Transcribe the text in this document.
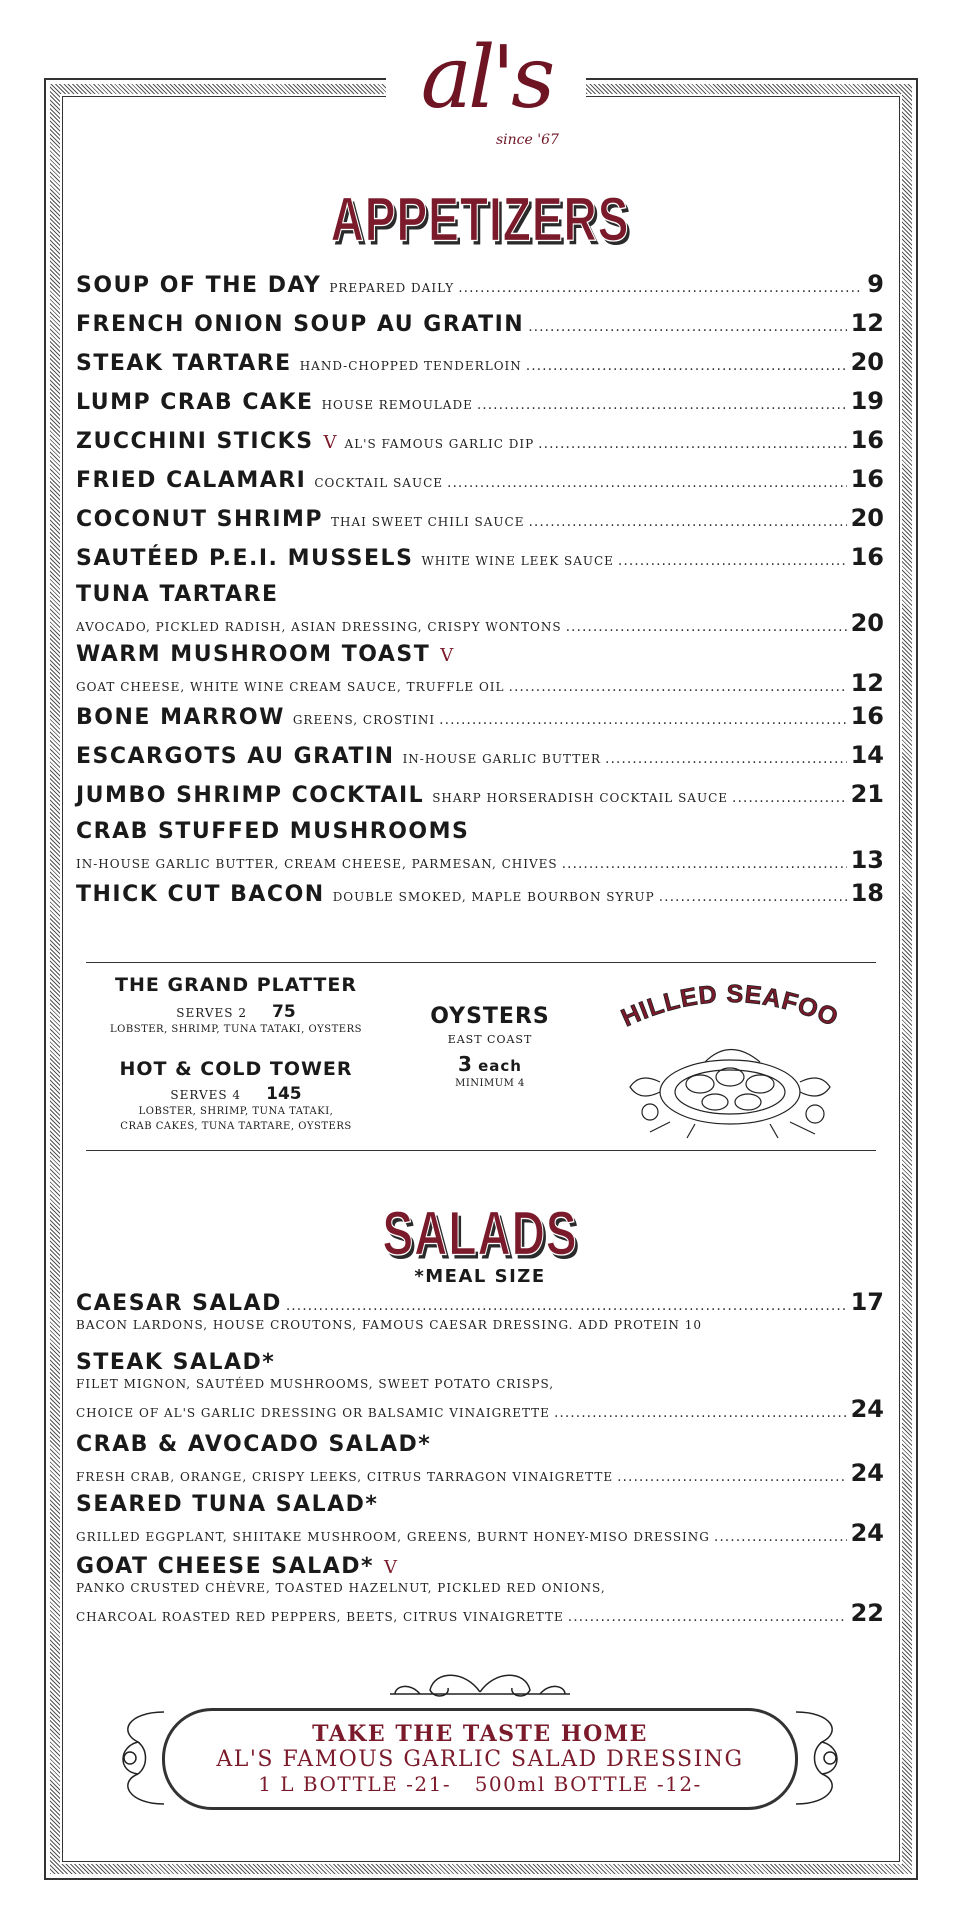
al's
since '67
APPETIZERS
SOUP OF THE DAY PREPARED DAILY .....	9
FRENCH ONION SOUP AU GRATIN .....	12
STEAK TARTARE HAND-CHOPPED TENDERLOIN .....	20
LUMP CRAB CAKE HOUSE REMOULADE .....	19
ZUCCHINI STICKS V AL'S FAMOUS GARLIC DIP .....	16
FRIED CALAMARI COCKTAIL SAUCE .....	16
COCONUT SHRIMP THAI SWEET CHILI SAUCE .....	20
SAUTÉED P.E.I. MUSSELS WHITE WINE LEEK SAUCE .....	16
TUNA TARTARE
AVOCADO, PICKLED RADISH, ASIAN DRESSING, CRISPY WONTONS .....	20
WARM MUSHROOM TOAST V
GOAT CHEESE, WHITE WINE CREAM SAUCE, TRUFFLE OIL .....	12
BONE MARROW GREENS, CROSTINI .....	16
ESCARGOTS AU GRATIN IN-HOUSE GARLIC BUTTER .....	14
JUMBO SHRIMP COCKTAIL SHARP HORSERADISH COCKTAIL SAUCE .....	21
CRAB STUFFED MUSHROOMS
IN-HOUSE GARLIC BUTTER, CREAM CHEESE, PARMESAN, CHIVES .....	13
THICK CUT BACON DOUBLE SMOKED, MAPLE BOURBON SYRUP .....	18
THE GRAND PLATTER
SERVES 2 75
LOBSTER, SHRIMP, TUNA TATAKI, OYSTERS
HOT & COLD TOWER
SERVES 4 145
LOBSTER, SHRIMP, TUNA TATAKI,
CRAB CAKES, TUNA TARTARE, OYSTERS
OYSTERS
EAST COAST
3 each
MINIMUM 4
HILLED SEAFOO
SALADS
*MEAL SIZE
CAESAR SALAD .....	17
BACON LARDONS, HOUSE CROUTONS, FAMOUS CAESAR DRESSING. ADD PROTEIN 10
STEAK SALAD*
FILET MIGNON, SAUTÉED MUSHROOMS, SWEET POTATO CRISPS,
CHOICE OF AL'S GARLIC DRESSING OR BALSAMIC VINAIGRETTE .....	24
CRAB & AVOCADO SALAD*
FRESH CRAB, ORANGE, CRISPY LEEKS, CITRUS TARRAGON VINAIGRETTE .....	24
SEARED TUNA SALAD*
GRILLED EGGPLANT, SHIITAKE MUSHROOM, GREENS, BURNT HONEY-MISO DRESSING .....	24
GOAT CHEESE SALAD* V
PANKO CRUSTED CHÈVRE, TOASTED HAZELNUT, PICKLED RED ONIONS,
CHARCOAL ROASTED RED PEPPERS, BEETS, CITRUS VINAIGRETTE .....	22
TAKE THE TASTE HOME
AL'S FAMOUS GARLIC SALAD DRESSING
1 L BOTTLE -21-   500ml BOTTLE -12-
